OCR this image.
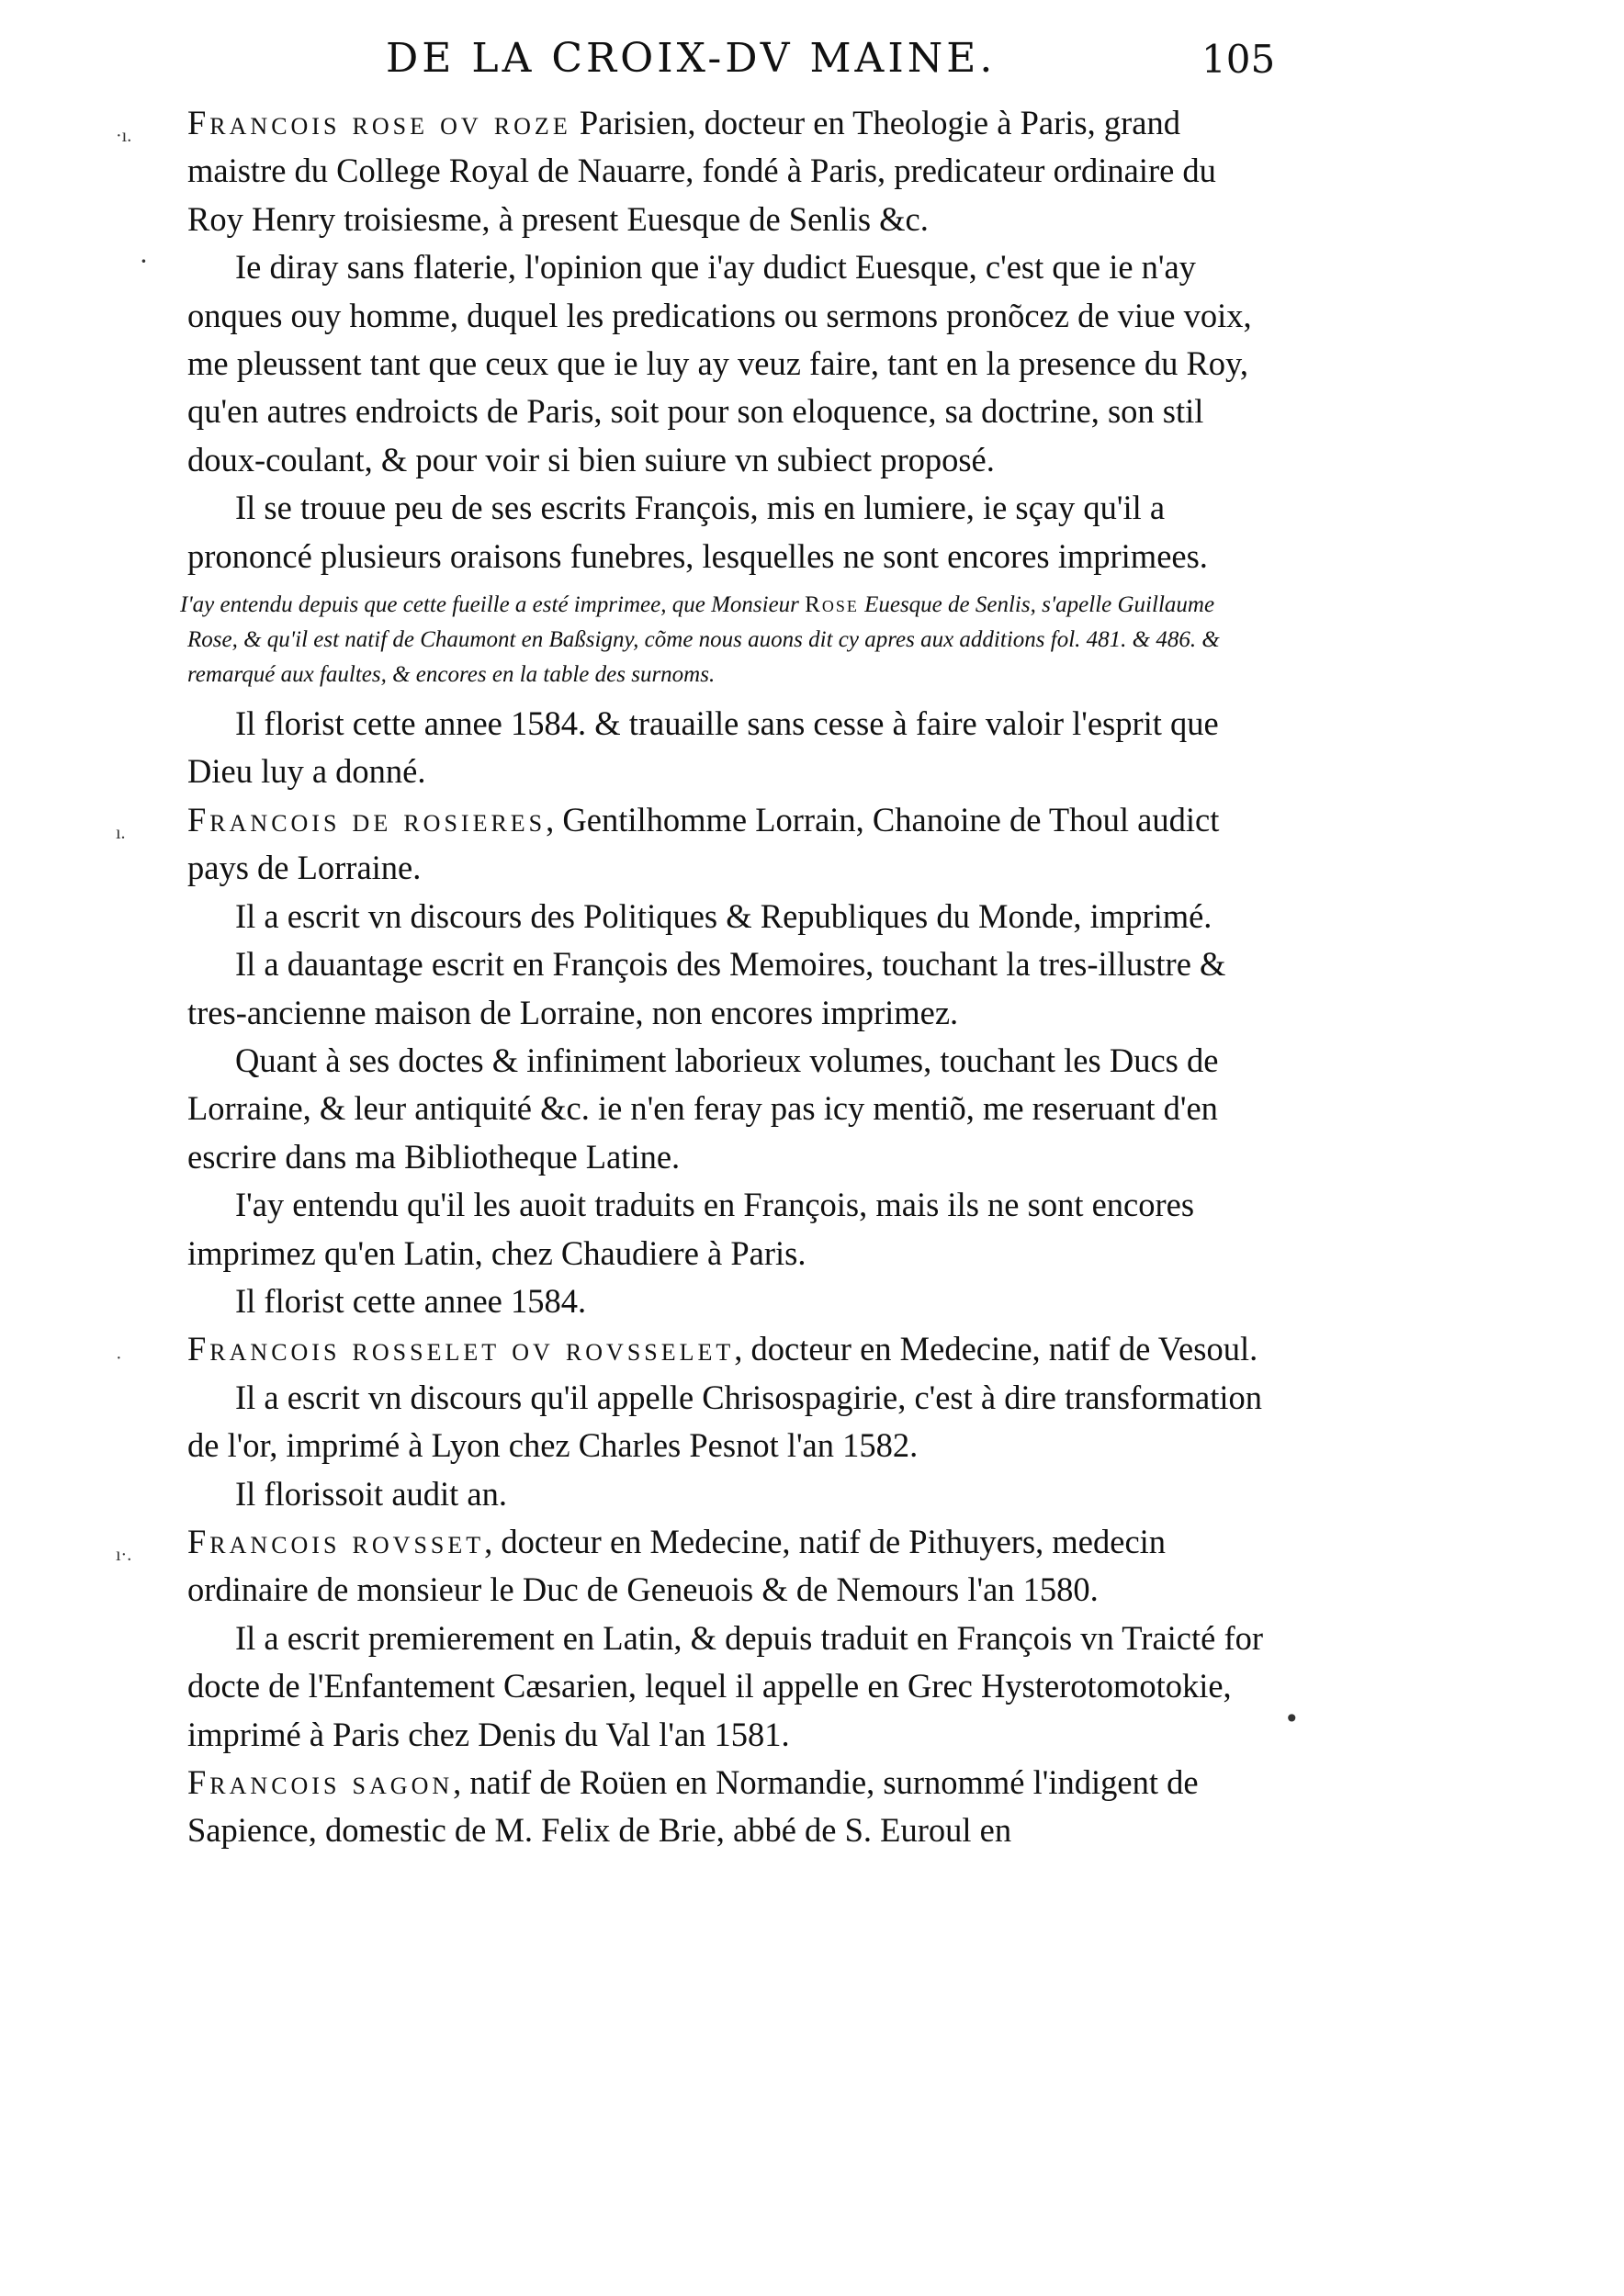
DE LA CROIX-DV MAINE.	105
·ı. Francois rose ov roze Parisien, docteur en Theologie à Paris, grand maistre du College Royal de Nauarre, fondé à Paris, predicateur ordinaire du Roy Henry troisiesme, à present Euesque de Senlis &c.

Ie diray sans flaterie, l'opinion que i'ay dudict Euesque, c'est que ie n'ay onques ouy homme, duquel les predications ou sermons pronõcez de viue voix, me pleussent tant que ceux que ie luy ay veuz faire, tant en la presence du Roy, qu'en autres endroicts de Paris, soit pour son eloquence, sa doctrine, son stil doux-coulant, & pour voir si bien suiure vn subiect proposé.

Il se trouue peu de ses escrits François, mis en lumiere, ie sçay qu'il a prononcé plusieurs oraisons funebres, lesquelles ne sont encores imprimees.

I'ay entendu depuis que cette fueille a esté imprimee, que Monsieur Rose Euesque de Senlis, s'apelle Guillaume Rose, & qu'il est natif de Chaumont en Baßsigny, cõme nous auons dit cy apres aux additions fol. 481. & 486. & remarqué aux faultes, & encores en la table des surnoms.

Il florist cette annee 1584. & trauaille sans cesse à faire valoir l'esprit que Dieu luy a donné.

ı. Francois de rosieres, Gentilhomme Lorrain, Chanoine de Thoul audict pays de Lorraine.

Il a escrit vn discours des Politiques & Republiques du Monde, imprimé.

Il a dauantage escrit en François des Memoires, touchant la tres-illustre & tres-ancienne maison de Lorraine, non encores imprimez.

Quant à ses doctes & infiniment laborieux volumes, touchant les Ducs de Lorraine, & leur antiquité &c. ie n'en feray pas icy mentiõ, me reseruant d'en escrire dans ma Bibliotheque Latine.

I'ay entendu qu'il les auoit traduits en François, mais ils ne sont encores imprimez qu'en Latin, chez Chaudiere à Paris.

Il florist cette annee 1584.

· Francois rosselet ov rovsselet, docteur en Medecine, natif de Vesoul.

Il a escrit vn discours qu'il appelle Chrisospagirie, c'est à dire transformation de l'or, imprimé à Lyon chez Charles Pesnot l'an 1582.

Il florissoit audit an.

ı·. Francois rovsset, docteur en Medecine, natif de Pithuyers, medecin ordinaire de monsieur le Duc de Geneuois & de Nemours l'an 1580.

Il a escrit premierement en Latin, & depuis traduit en François vn Traicté for docte de l'Enfantement Cæsarien, lequel il appelle en Grec Hysterotomotokie, imprimé à Paris chez Denis du Val l'an 1581.

Francois sagon, natif de Roüen en Normandie, surnommé l'indigent de Sapience, domestic de M. Felix de Brie, abbé de S. Euroul en

·
•
